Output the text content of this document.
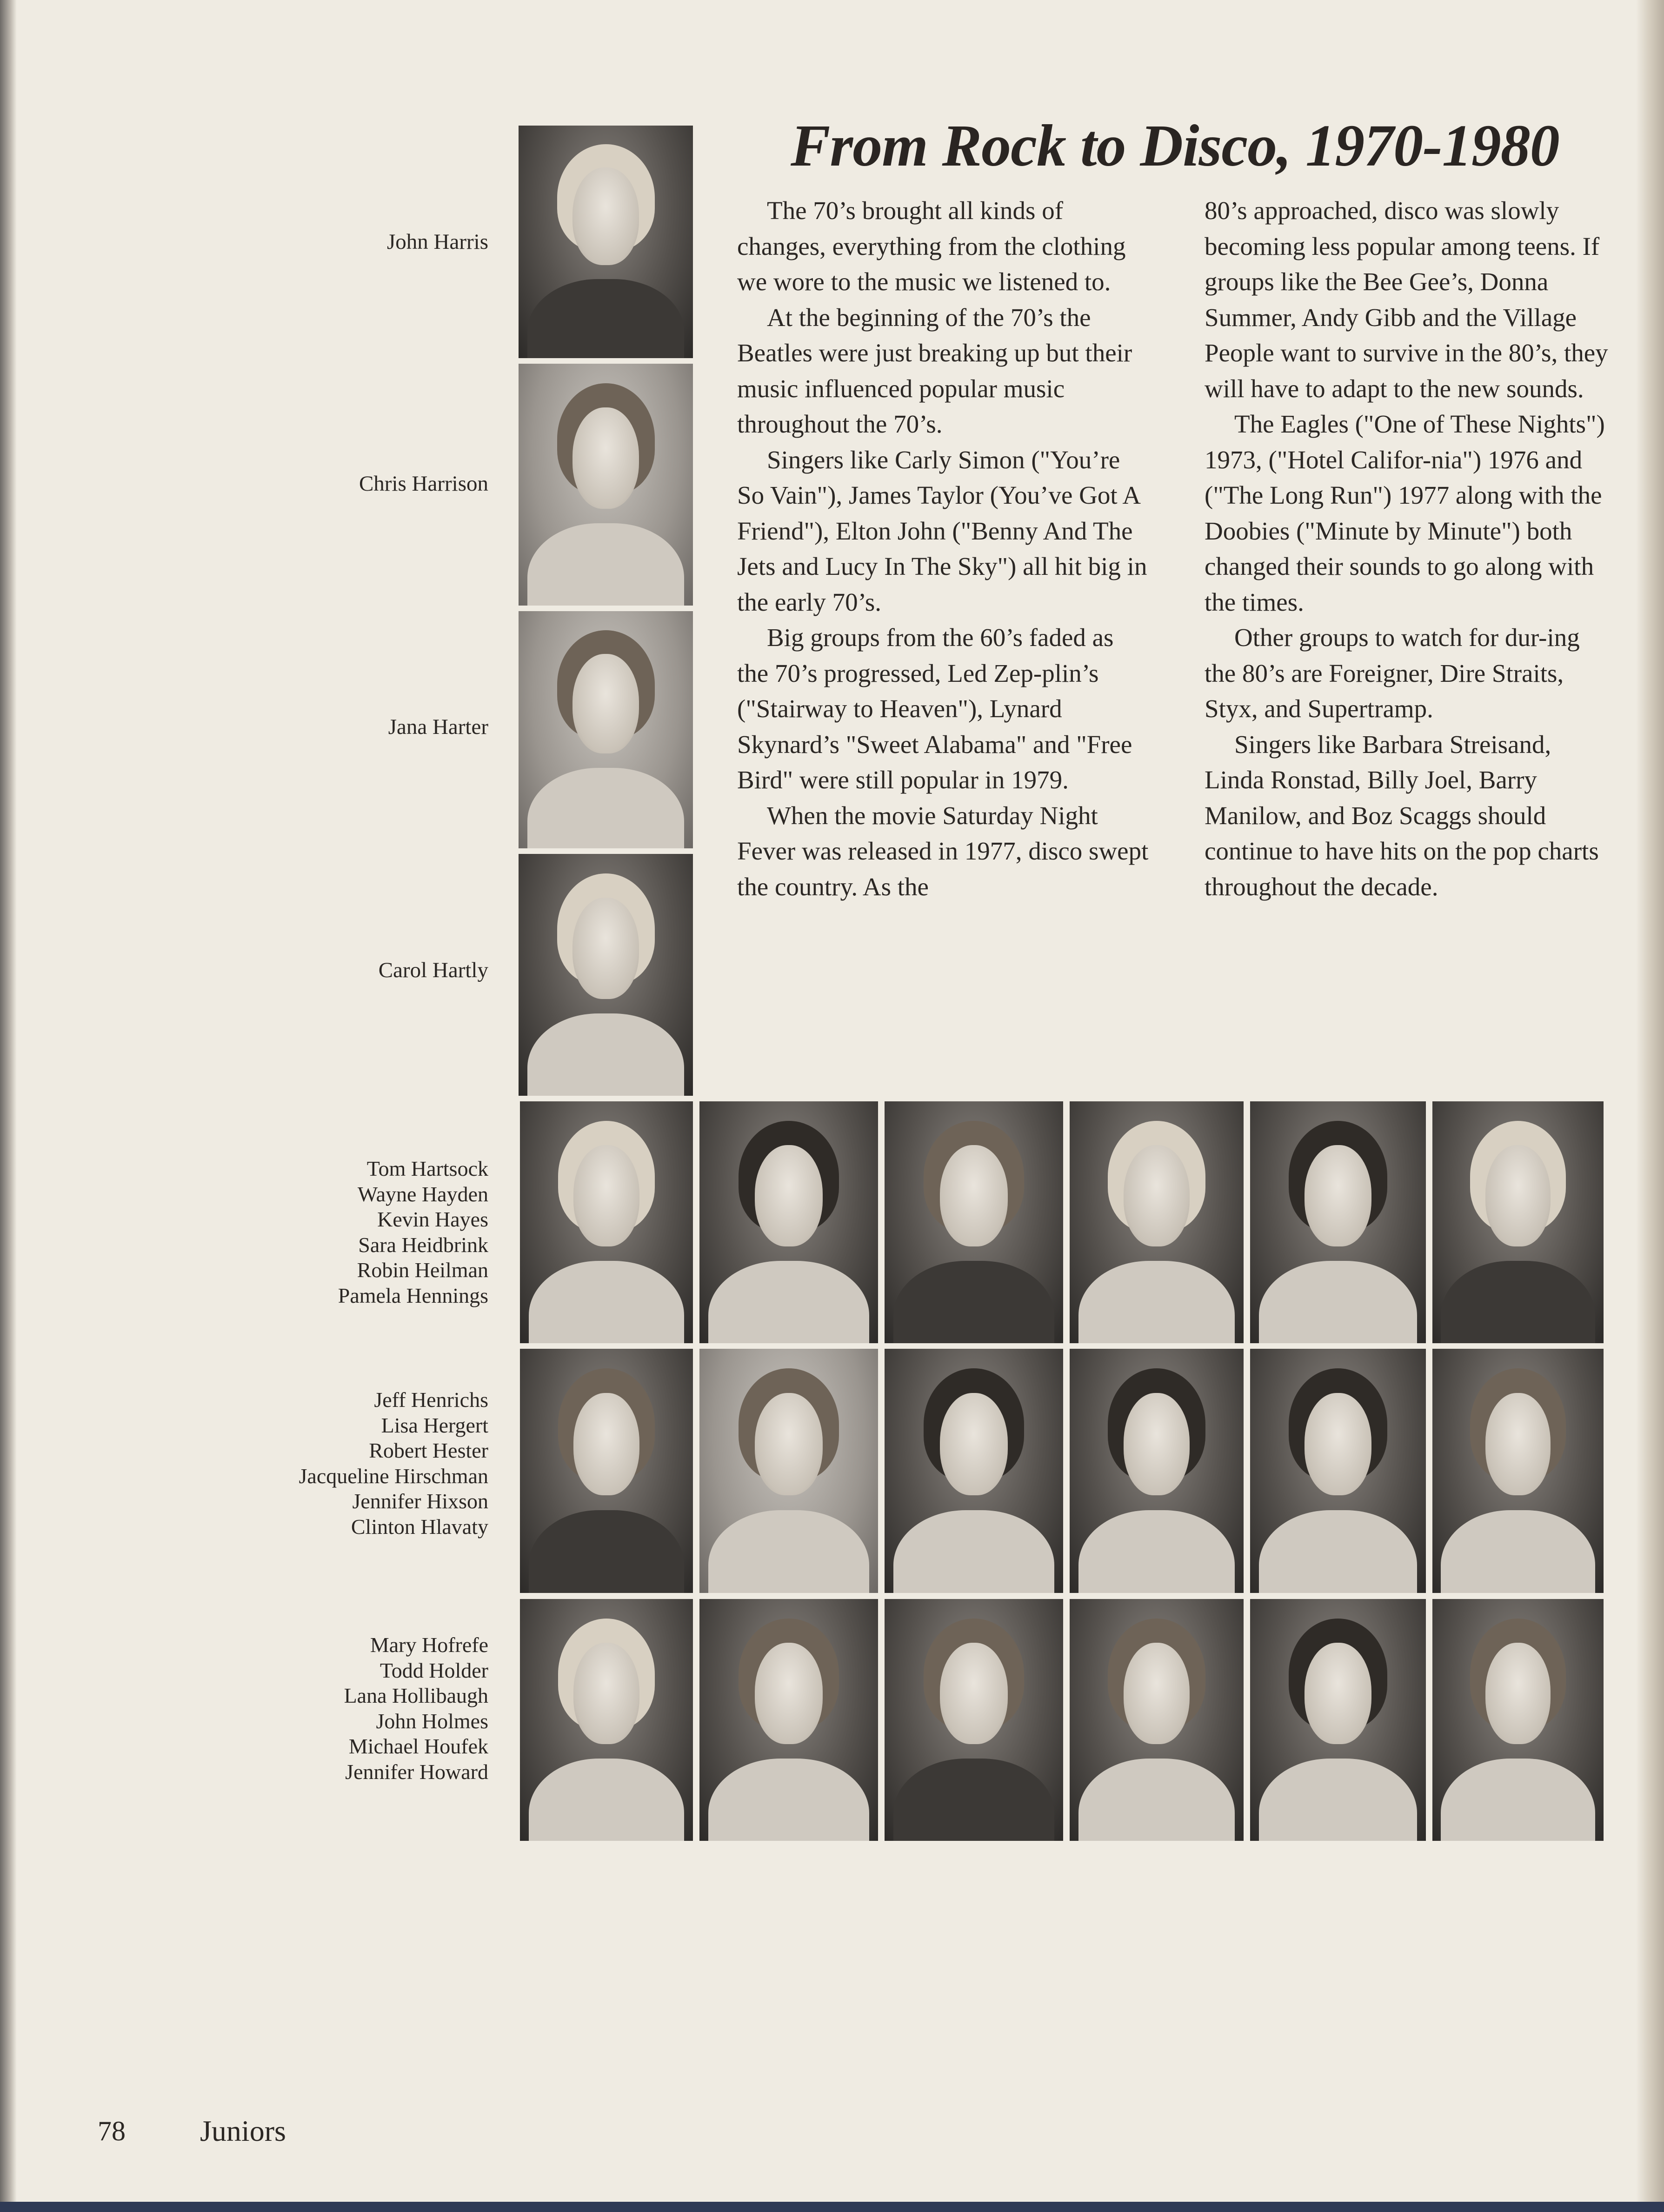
From Rock to Disco, 1970-1980

The 70’s brought all kinds of changes, everything from the clothing we wore to the music we listened to.

At the beginning of the 70’s the Beatles were just breaking up but their music influenced popular music throughout the 70’s.

Singers like Carly Simon ("You’re So Vain"), James Taylor (You’ve Got A Friend"), Elton John ("Benny And The Jets and Lucy In The Sky") all hit big in the early 70’s.

Big groups from the 60’s faded as the 70’s progressed, Led Zep-plin’s ("Stairway to Heaven"), Lynard Skynard’s "Sweet Alabama" and "Free Bird" were still popular in 1979.

When the movie Saturday Night Fever was released in 1977, disco swept the country. As the

80’s approached, disco was slowly becoming less popular among teens. If groups like the Bee Gee’s, Donna Summer, Andy Gibb and the Village People want to survive in the 80’s, they will have to adapt to the new sounds.

The Eagles ("One of These Nights") 1973, ("Hotel Califor-nia") 1976 and ("The Long Run") 1977 along with the Doobies ("Minute by Minute") both changed their sounds to go along with the times.

Other groups to watch for dur-ing the 80’s are Foreigner, Dire Straits, Styx, and Supertramp.

Singers like Barbara Streisand, Linda Ronstad, Billy Joel, Barry Manilow, and Boz Scaggs should continue to have hits on the pop charts throughout the decade.

John Harris
Chris Harrison
Jana Harter
Carol Hartly
Tom Hartsock
Wayne Hayden
Kevin Hayes
Sara Heidbrink
Robin Heilman
Pamela Hennings
Jeff Henrichs
Lisa Hergert
Robert Hester
Jacqueline Hirschman
Jennifer Hixson
Clinton Hlavaty
Mary Hofrefe
Todd Holder
Lana Hollibaugh
John Holmes
Michael Houfek
Jennifer Howard
78	Juniors
